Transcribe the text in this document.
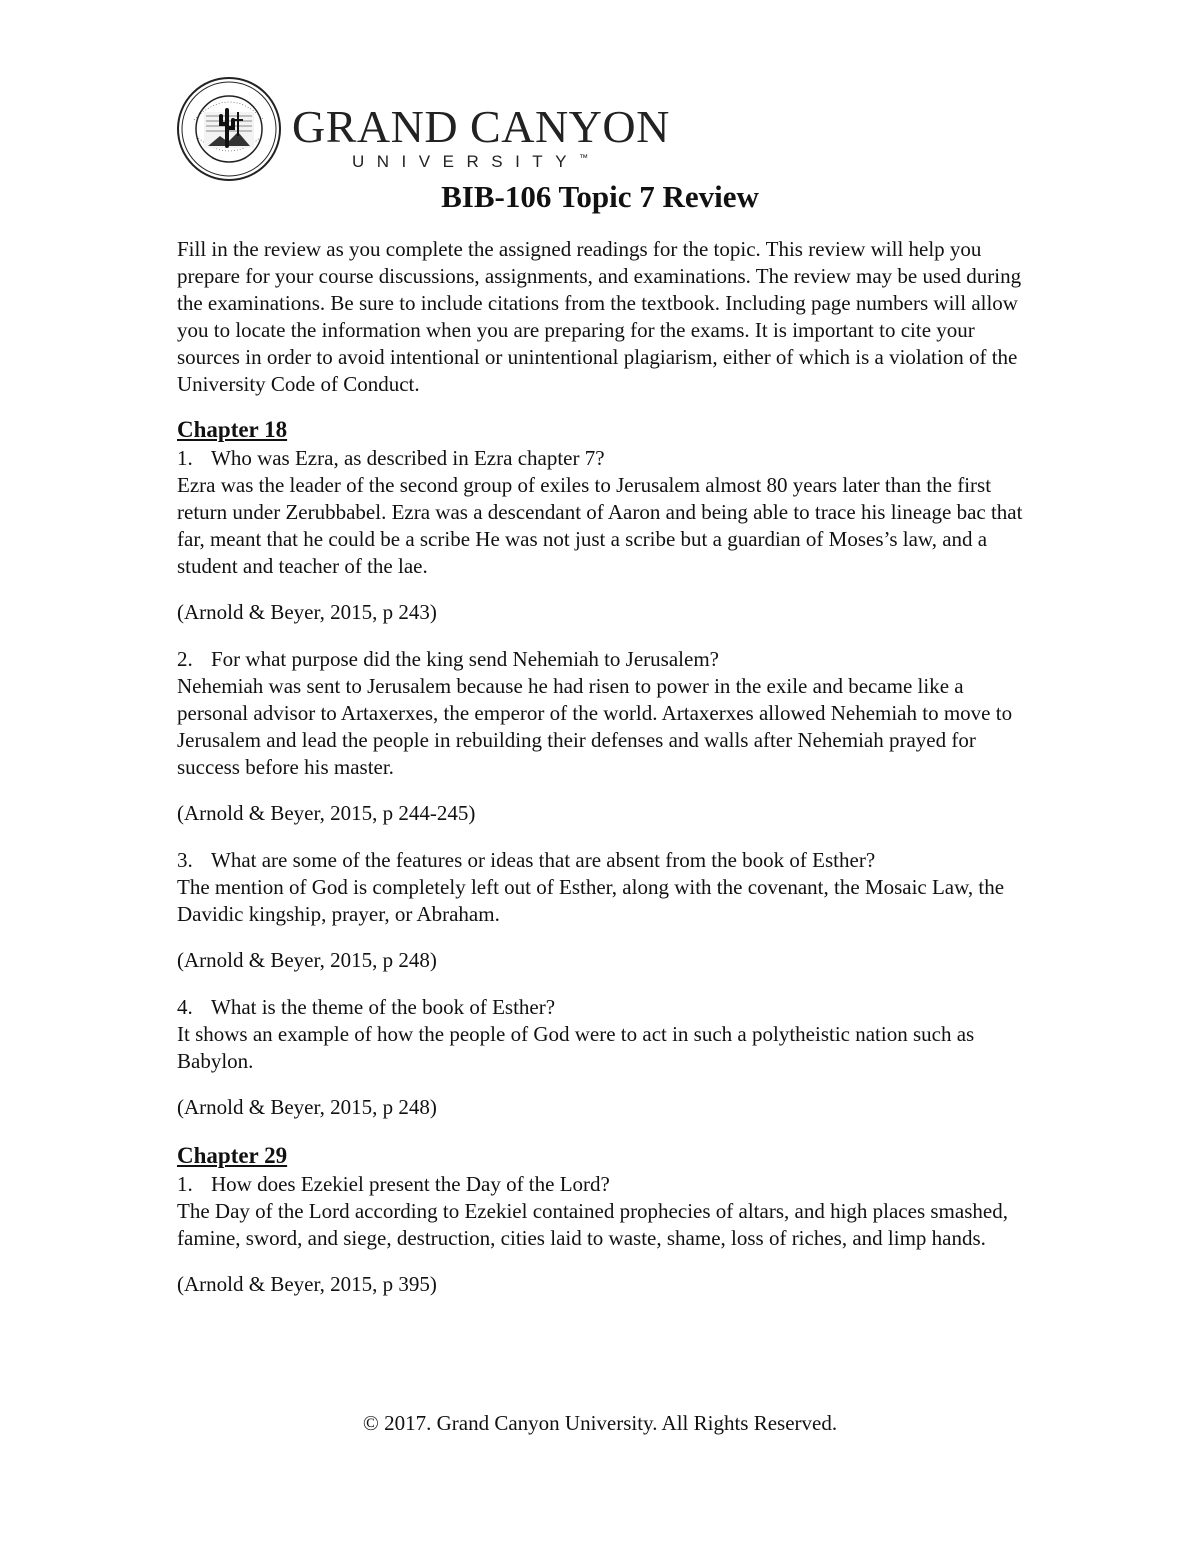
GRAND CANYON
UNIVERSITY™
BIB-106 Topic 7 Review

Fill in the review as you complete the assigned readings for the topic. This review will help you prepare for your course discussions, assignments, and examinations. The review may be used during the examinations. Be sure to include citations from the textbook. Including page numbers will allow you to locate the information when you are preparing for the exams. It is important to cite your sources in order to avoid intentional or unintentional plagiarism, either of which is a violation of the University Code of Conduct.

Chapter 18

1. Who was Ezra, as described in Ezra chapter 7?

Ezra was the leader of the second group of exiles to Jerusalem almost 80 years later than the first return under Zerubbabel. Ezra was a descendant of Aaron and being able to trace his lineage bac that far, meant that he could be a scribe He was not just a scribe but a guardian of Moses’s law, and a student and teacher of the lae.

(Arnold & Beyer, 2015, p 243)

2. For what purpose did the king send Nehemiah to Jerusalem?

Nehemiah was sent to Jerusalem because he had risen to power in the exile and became like a personal advisor to Artaxerxes, the emperor of the world. Artaxerxes allowed Nehemiah to move to Jerusalem and lead the people in rebuilding their defenses and walls after Nehemiah prayed for success before his master.

(Arnold & Beyer, 2015, p 244-245)

3. What are some of the features or ideas that are absent from the book of Esther?

The mention of God is completely left out of Esther, along with the covenant, the Mosaic Law, the Davidic kingship, prayer, or Abraham.

(Arnold & Beyer, 2015, p 248)

4. What is the theme of the book of Esther?

It shows an example of how the people of God were to act in such a polytheistic nation such as Babylon.

(Arnold & Beyer, 2015, p 248)

Chapter 29

1. How does Ezekiel present the Day of the Lord?

The Day of the Lord according to Ezekiel contained prophecies of altars, and high places smashed, famine, sword, and siege, destruction, cities laid to waste, shame, loss of riches, and limp hands.

(Arnold & Beyer, 2015, p 395)

© 2017. Grand Canyon University. All Rights Reserved.
